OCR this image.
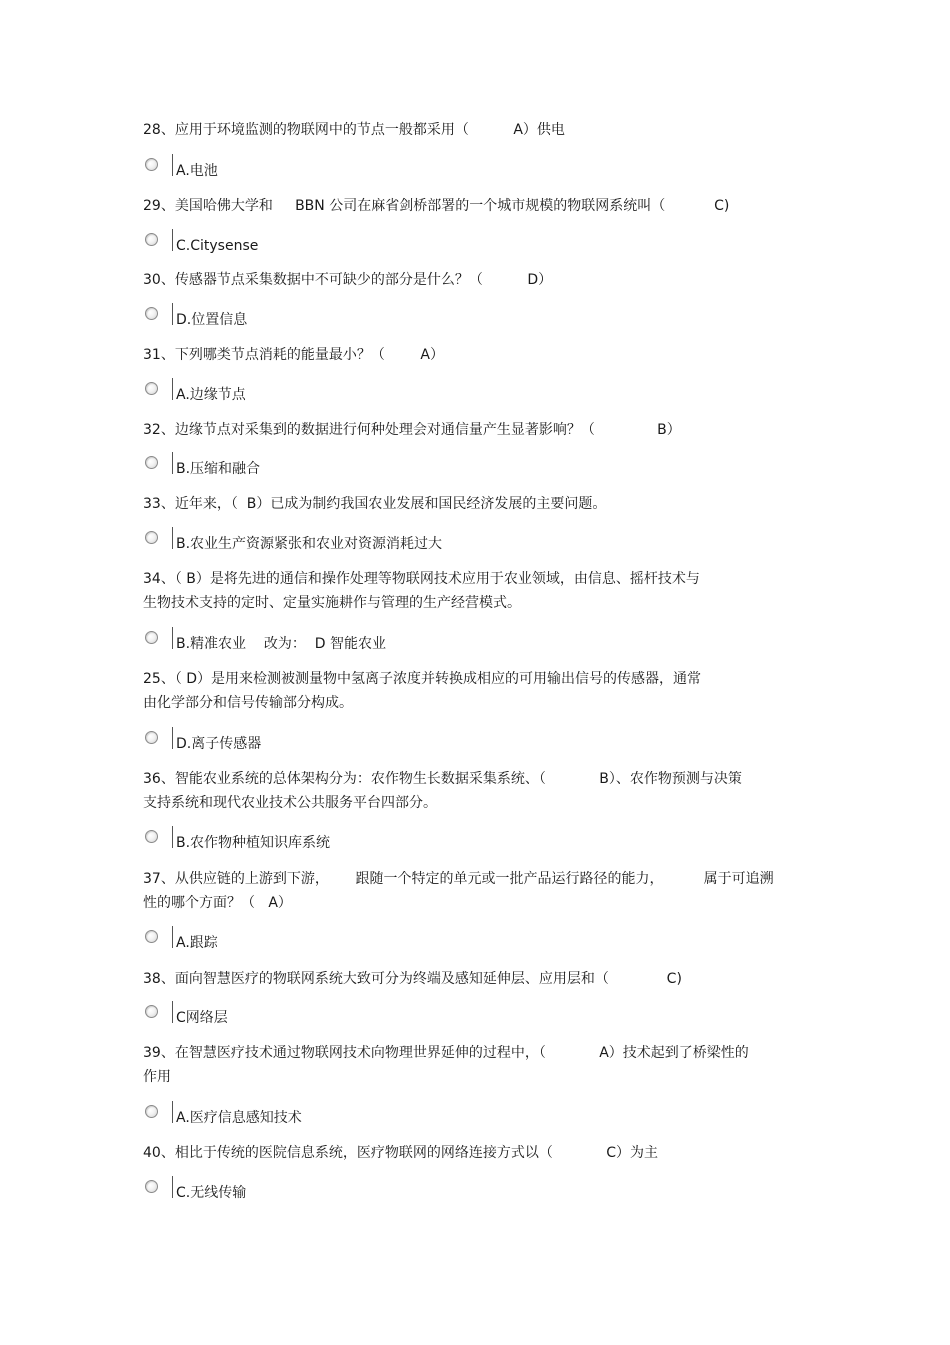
28、应用于环境监测的物联网中的节点一般都采用（          A）供电
A.电池
29、美国哈佛大学和     BBN 公司在麻省剑桥部署的一个城市规模的物联网系统叫（           C)
C.Citysense
30、传感器节点采集数据中不可缺少的部分是什么？（          D）
D.位置信息
31、下列哪类节点消耗的能量最小？（        A）
A.边缘节点
32、边缘节点对采集到的数据进行何种处理会对通信量产生显著影响？（              B）
B.压缩和融合
33、近年来，（  B）已成为制约我国农业发展和国民经济发展的主要问题。
B.农业生产资源紧张和农业对资源消耗过大
34、（ B）是将先进的通信和操作处理等物联网技术应用于农业领域，由信息、摇杆技术与
生物技术支持的定时、定量实施耕作与管理的生产经营模式。
B.精准农业    改为：  D 智能农业
25、（ D）是用来检测被测量物中氢离子浓度并转换成相应的可用输出信号的传感器，通常
由化学部分和信号传输部分构成。
D.离子传感器
36、智能农业系统的总体架构分为：农作物生长数据采集系统、（            B）、农作物预测与决策
支持系统和现代农业技术公共服务平台四部分。
B.农作物种植知识库系统
37、从供应链的上游到下游，      跟随一个特定的单元或一批产品运行路径的能力，         属于可追溯
性的哪个方面？（   A）
A.跟踪
38、面向智慧医疗的物联网系统大致可分为终端及感知延伸层、应用层和（             C)
C网络层
39、在智慧医疗技术通过物联网技术向物理世界延伸的过程中，（            A）技术起到了桥梁性的
作用
A.医疗信息感知技术
40、相比于传统的医院信息系统，医疗物联网的网络连接方式以（            C）为主
C.无线传输
